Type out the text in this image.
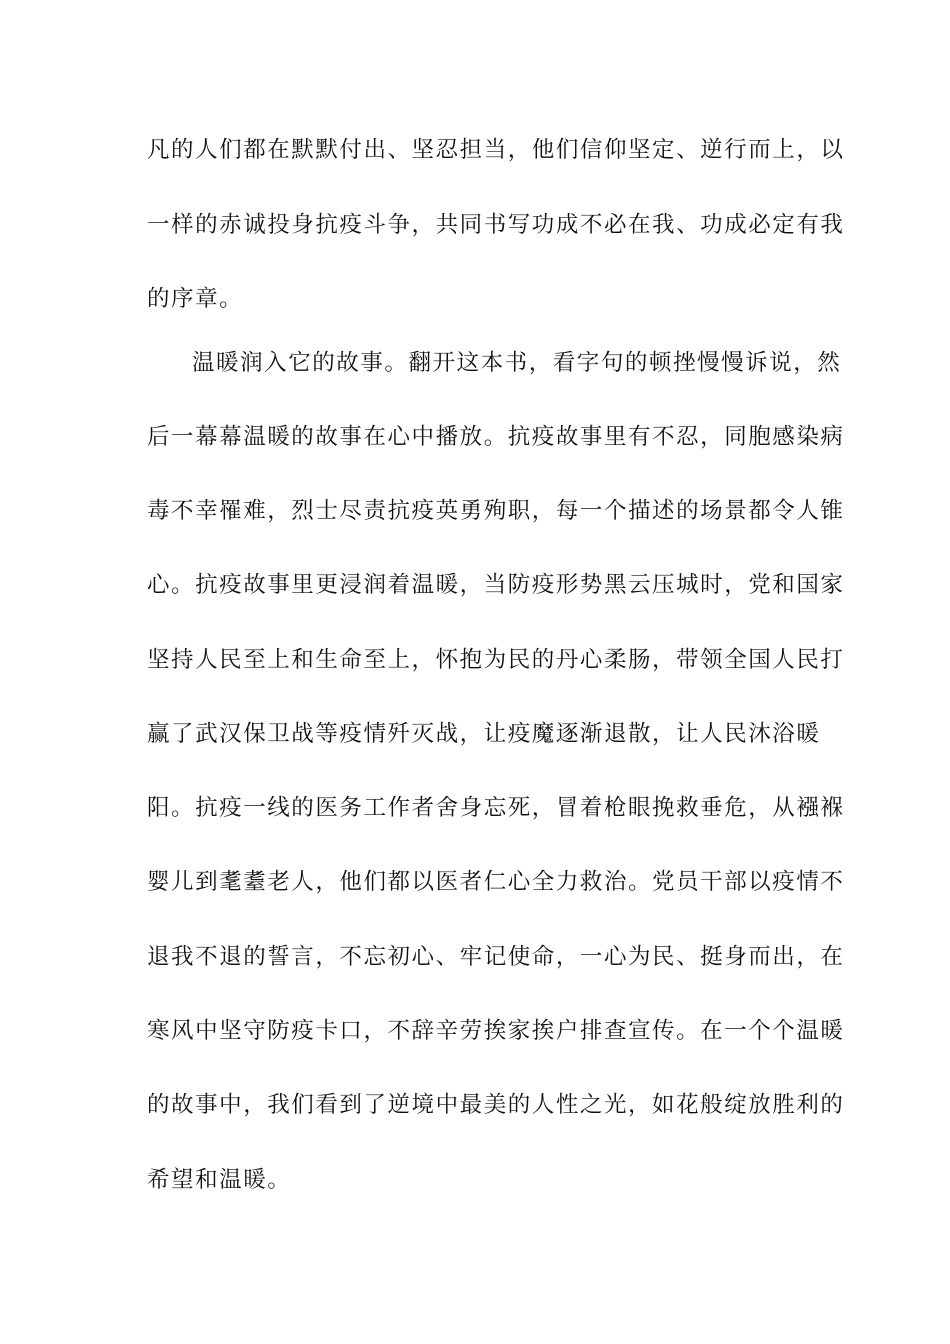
凡的人们都在默默付出、坚忍担当，他们信仰坚定、逆行而上，以
一样的赤诚投身抗疫斗争，共同书写功成不必在我、功成必定有我
的序章。
温暖润入它的故事。翻开这本书，看字句的顿挫慢慢诉说，然
后一幕幕温暖的故事在心中播放。抗疫故事里有不忍，同胞感染病
毒不幸罹难，烈士尽责抗疫英勇殉职，每一个描述的场景都令人锥
心。抗疫故事里更浸润着温暖，当防疫形势黑云压城时，党和国家
坚持人民至上和生命至上，怀抱为民的丹心柔肠，带领全国人民打
赢了武汉保卫战等疫情歼灭战，让疫魔逐渐退散，让人民沐浴暖
阳。抗疫一线的医务工作者舍身忘死，冒着枪眼挽救垂危，从襁褓
婴儿到耄耋老人，他们都以医者仁心全力救治。党员干部以疫情不
退我不退的誓言，不忘初心、牢记使命，一心为民、挺身而出，在
寒风中坚守防疫卡口，不辞辛劳挨家挨户排查宣传。在一个个温暖
的故事中，我们看到了逆境中最美的人性之光，如花般绽放胜利的
希望和温暖。
